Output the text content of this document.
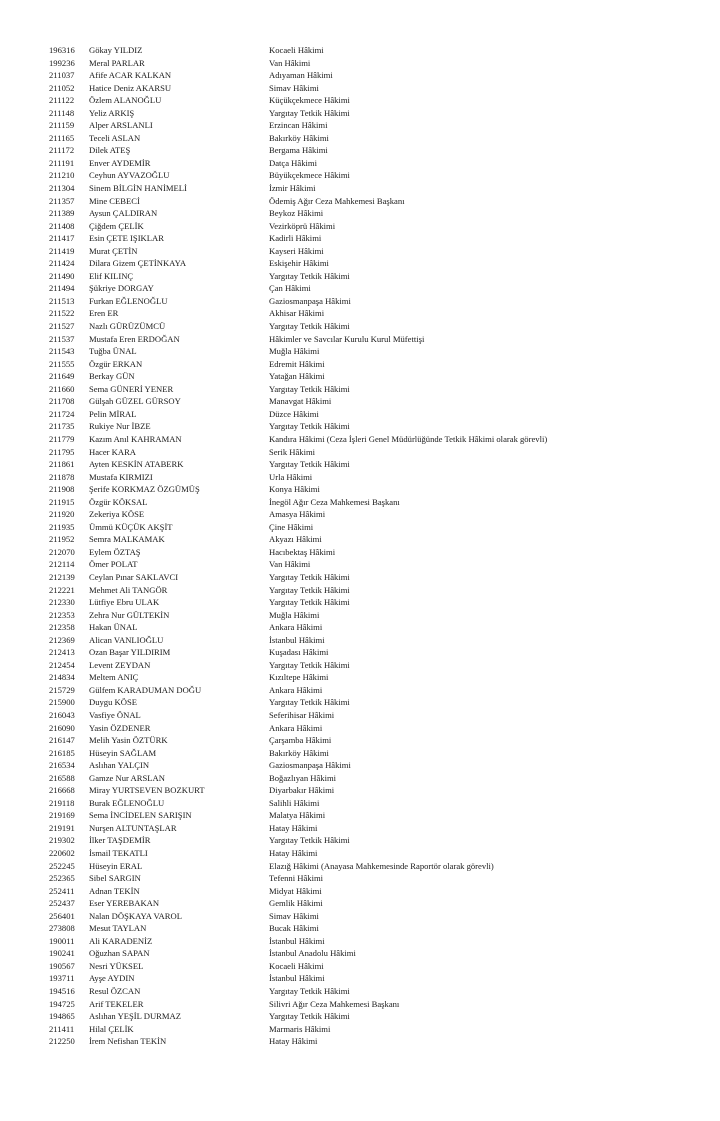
196316	Gökay YILDIZ	Kocaeli Hâkimi
199236	Meral PARLAR	Van Hâkimi
211037	Afife ACAR KALKAN	Adıyaman Hâkimi
211052	Hatice Deniz AKARSU	Simav Hâkimi
211122	Özlem ALANOĞLU	Küçükçekmece Hâkimi
211148	Yeliz ARKIŞ	Yargıtay Tetkik Hâkimi
211159	Alper ARSLANLI	Erzincan Hâkimi
211165	Teceli ASLAN	Bakırköy Hâkimi
211172	Dilek ATEŞ	Bergama Hâkimi
211191	Enver AYDEMİR	Datça Hâkimi
211210	Ceyhun AYVAZOĞLU	Büyükçekmece Hâkimi
211304	Sinem BİLGİN HANİMELİ	İzmir Hâkimi
211357	Mine CEBECİ	Ödemiş Ağır Ceza Mahkemesi Başkanı
211389	Aysun ÇALDIRAN	Beykoz Hâkimi
211408	Çiğdem ÇELİK	Vezirköprü Hâkimi
211417	Esin ÇETE IŞIKLAR	Kadirli Hâkimi
211419	Murat ÇETİN	Kayseri Hâkimi
211424	Dilara Gizem ÇETİNKAYA	Eskişehir Hâkimi
211490	Elif KILINÇ	Yargıtay Tetkik Hâkimi
211494	Şükriye DORGAY	Çan Hâkimi
211513	Furkan EĞLENOĞLU	Gaziosmanpaşa Hâkimi
211522	Eren ER	Akhisar Hâkimi
211527	Nazlı GÜRÜZÜMCÜ	Yargıtay Tetkik Hâkimi
211537	Mustafa Eren ERDOĞAN	Hâkimler ve Savcılar Kurulu Kurul Müfettişi
211543	Tuğba ÜNAL	Muğla Hâkimi
211555	Özgür ERKAN	Edremit Hâkimi
211649	Berkay GÜN	Yatağan Hâkimi
211660	Sema GÜNERİ YENER	Yargıtay Tetkik Hâkimi
211708	Gülşah GÜZEL GÜRSOY	Manavgat Hâkimi
211724	Pelin MİRAL	Düzce Hâkimi
211735	Rukiye Nur İBZE	Yargıtay Tetkik Hâkimi
211779	Kazım Anıl KAHRAMAN	Kandıra Hâkimi (Ceza İşleri Genel Müdürlüğünde Tetkik Hâkimi olarak görevli)
211795	Hacer KARA	Serik Hâkimi
211861	Ayten KESKİN ATABERK	Yargıtay Tetkik Hâkimi
211878	Mustafa KIRMIZI	Urla Hâkimi
211908	Şerife KORKMAZ ÖZGÜMÜŞ	Konya Hâkimi
211915	Özgür KÖKSAL	İnegöl Ağır Ceza Mahkemesi Başkanı
211920	Zekeriya KÖSE	Amasya Hâkimi
211935	Ümmü KÜÇÜK AKŞİT	Çine Hâkimi
211952	Semra MALKAMAK	Akyazı Hâkimi
212070	Eylem ÖZTAŞ	Hacıbektaş Hâkimi
212114	Ömer POLAT	Van Hâkimi
212139	Ceylan Pınar SAKLAVCI	Yargıtay Tetkik Hâkimi
212221	Mehmet Ali TANGÖR	Yargıtay Tetkik Hâkimi
212330	Lütfiye Ebru ULAK	Yargıtay Tetkik Hâkimi
212353	Zehra Nur GÜLTEKİN	Muğla Hâkimi
212358	Hakan ÜNAL	Ankara Hâkimi
212369	Alican VANLIOĞLU	İstanbul Hâkimi
212413	Ozan Başar YILDIRIM	Kuşadası Hâkimi
212454	Levent ZEYDAN	Yargıtay Tetkik Hâkimi
214834	Meltem ANIÇ	Kızıltepe Hâkimi
215729	Gülfem KARADUMAN DOĞU	Ankara Hâkimi
215900	Duygu KÖSE	Yargıtay Tetkik Hâkimi
216043	Vasfiye ÖNAL	Seferihisar Hâkimi
216090	Yasin ÖZDENER	Ankara Hâkimi
216147	Melih Yasin ÖZTÜRK	Çarşamba Hâkimi
216185	Hüseyin SAĞLAM	Bakırköy Hâkimi
216534	Aslıhan YALÇIN	Gaziosmanpaşa Hâkimi
216588	Gamze Nur ARSLAN	Boğazlıyan Hâkimi
216668	Miray YURTSEVEN BOZKURT	Diyarbakır Hâkimi
219118	Burak EĞLENOĞLU	Salihli Hâkimi
219169	Sema İNCİDELEN SARIŞIN	Malatya Hâkimi
219191	Nurşen ALTUNTAŞLAR	Hatay Hâkimi
219302	İlker TAŞDEMİR	Yargıtay Tetkik Hâkimi
220602	İsmail TEKATLI	Hatay Hâkimi
252245	Hüseyin ERAL	Elazığ Hâkimi (Anayasa Mahkemesinde Raportör olarak görevli)
252365	Sibel SARGIN	Tefenni Hâkimi
252411	Adnan TEKİN	Midyat Hâkimi
252437	Eser YEREBAKAN	Gemlik Hâkimi
256401	Nalan DÖŞKAYA VAROL	Simav Hâkimi
273808	Mesut TAYLAN	Bucak Hâkimi
190011	Ali KARADENİZ	İstanbul Hâkimi
190241	Oğuzhan SAPAN	İstanbul Anadolu Hâkimi
190567	Nesri YÜKSEL	Kocaeli Hâkimi
193711	Ayşe AYDIN	İstanbul Hâkimi
194516	Resul ÖZCAN	Yargıtay Tetkik Hâkimi
194725	Arif TEKELER	Silivri Ağır Ceza Mahkemesi Başkanı
194865	Aslıhan YEŞİL DURMAZ	Yargıtay Tetkik Hâkimi
211411	Hilal ÇELİK	Marmaris Hâkimi
212250	İrem Nefishan TEKİN	Hatay Hâkimi
